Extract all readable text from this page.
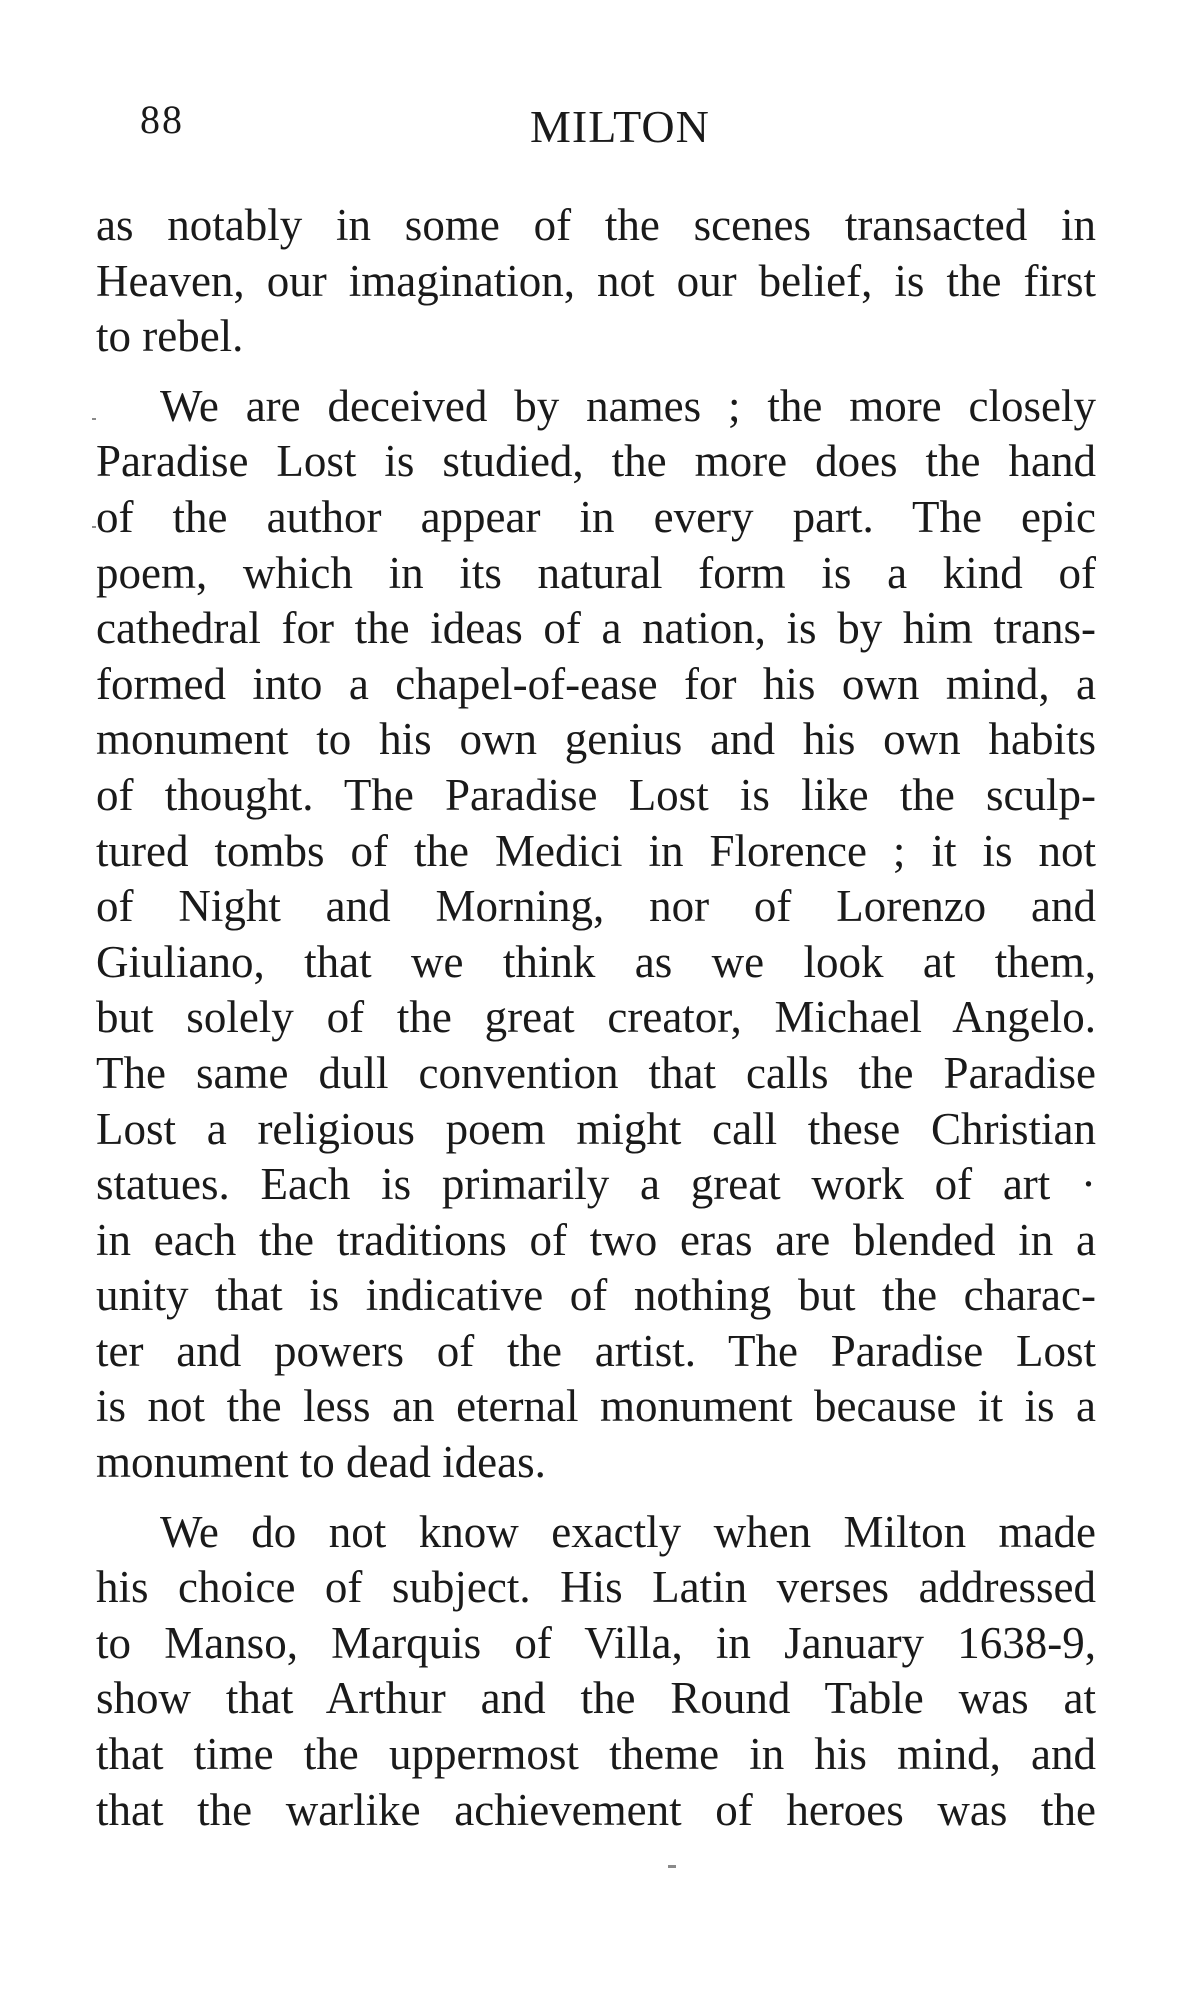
88	MILTON
as notably in some of the scenes transacted in
Heaven, our imagination, not our belief, is the first
to rebel.
We are deceived by names ; the more closely
Paradise Lost is studied, the more does the hand
of the author appear in every part. The epic
poem, which in its natural form is a kind of
cathedral for the ideas of a nation, is by him trans-
formed into a chapel-of-ease for his own mind, a
monument to his own genius and his own habits
of thought. The Paradise Lost is like the sculp-
tured tombs of the Medici in Florence ; it is not
of Night and Morning, nor of Lorenzo and
Giuliano, that we think as we look at them,
but solely of the great creator, Michael Angelo.
The same dull convention that calls the Paradise
Lost a religious poem might call these Christian
statues. Each is primarily a great work of art ·
in each the traditions of two eras are blended in a
unity that is indicative of nothing but the charac-
ter and powers of the artist. The Paradise Lost
is not the less an eternal monument because it is a
monument to dead ideas.
We do not know exactly when Milton made
his choice of subject. His Latin verses addressed
to Manso, Marquis of Villa, in January 1638-9,
show that Arthur and the Round Table was at
that time the uppermost theme in his mind, and
that the warlike achievement of heroes was the
